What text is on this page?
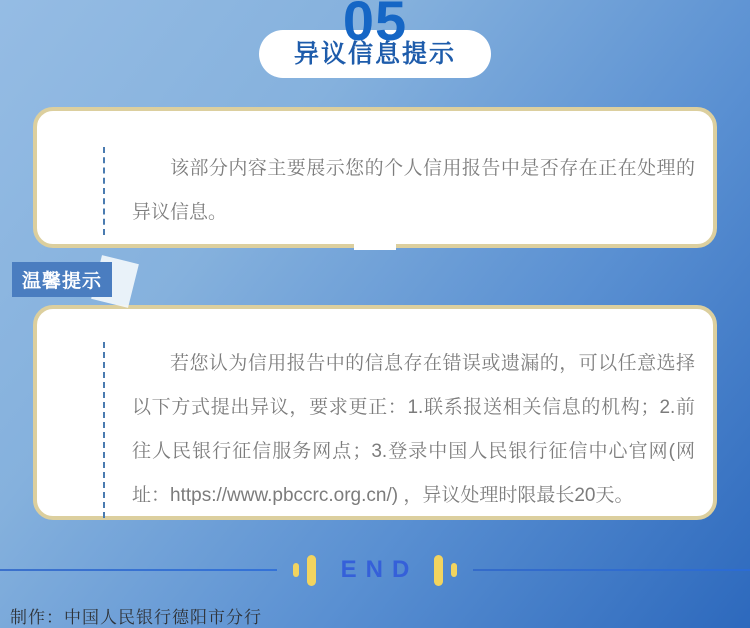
异议信息提示
05

该部分内容主要展示您的个人信用报告中是否存在正在处理的异议信息。

温馨提示

若您认为信用报告中的信息存在错误或遗漏的，可以任意选择以下方式提出异议，要求更正：1.联系报送相关信息的机构；2.前往人民银行征信服务网点；3.登录中国人民银行征信中心官网(网址：https://www.pbccrc.org.cn/) ，异议处理时限最长20天。

END
制作：中国人民银行德阳市分行
